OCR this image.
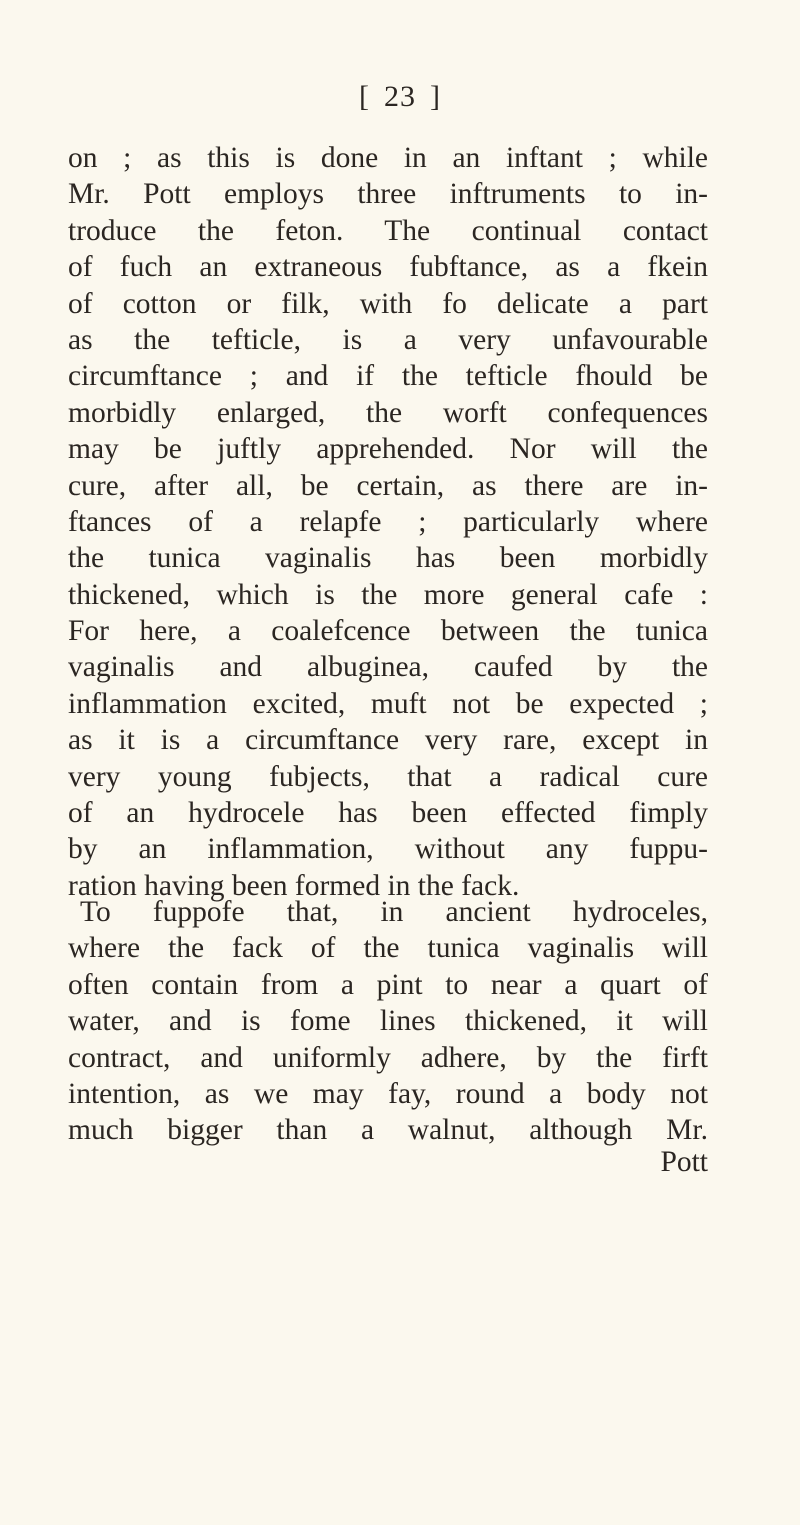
[ 23 ]
on ; as this is done in an inftant ; while
Mr. Pott employs three inftruments to in-
troduce the feton. The continual contact
of fuch an extraneous fubftance, as a fkein
of cotton or filk, with fo delicate a part
as the tefticle, is a very unfavourable
circumftance ; and if the tefticle fhould be
morbidly enlarged, the worft confequences
may be juftly apprehended. Nor will the
cure, after all, be certain, as there are in-
ftances of a relapfe ; particularly where
the tunica vaginalis has been morbidly
thickened, which is the more general cafe :
For here, a coalefcence between the tunica
vaginalis and albuginea, caufed by the
inflammation excited, muft not be expected ;
as it is a circumftance very rare, except in
very young fubjects, that a radical cure
of an hydrocele has been effected fimply
by an inflammation, without any fuppu-
ration having been formed in the fack.
To fuppofe that, in ancient hydroceles,
where the fack of the tunica vaginalis will
often contain from a pint to near a quart of
water, and is fome lines thickened, it will
contract, and uniformly adhere, by the firft
intention, as we may fay, round a body not
much bigger than a walnut, although Mr.
Pott
